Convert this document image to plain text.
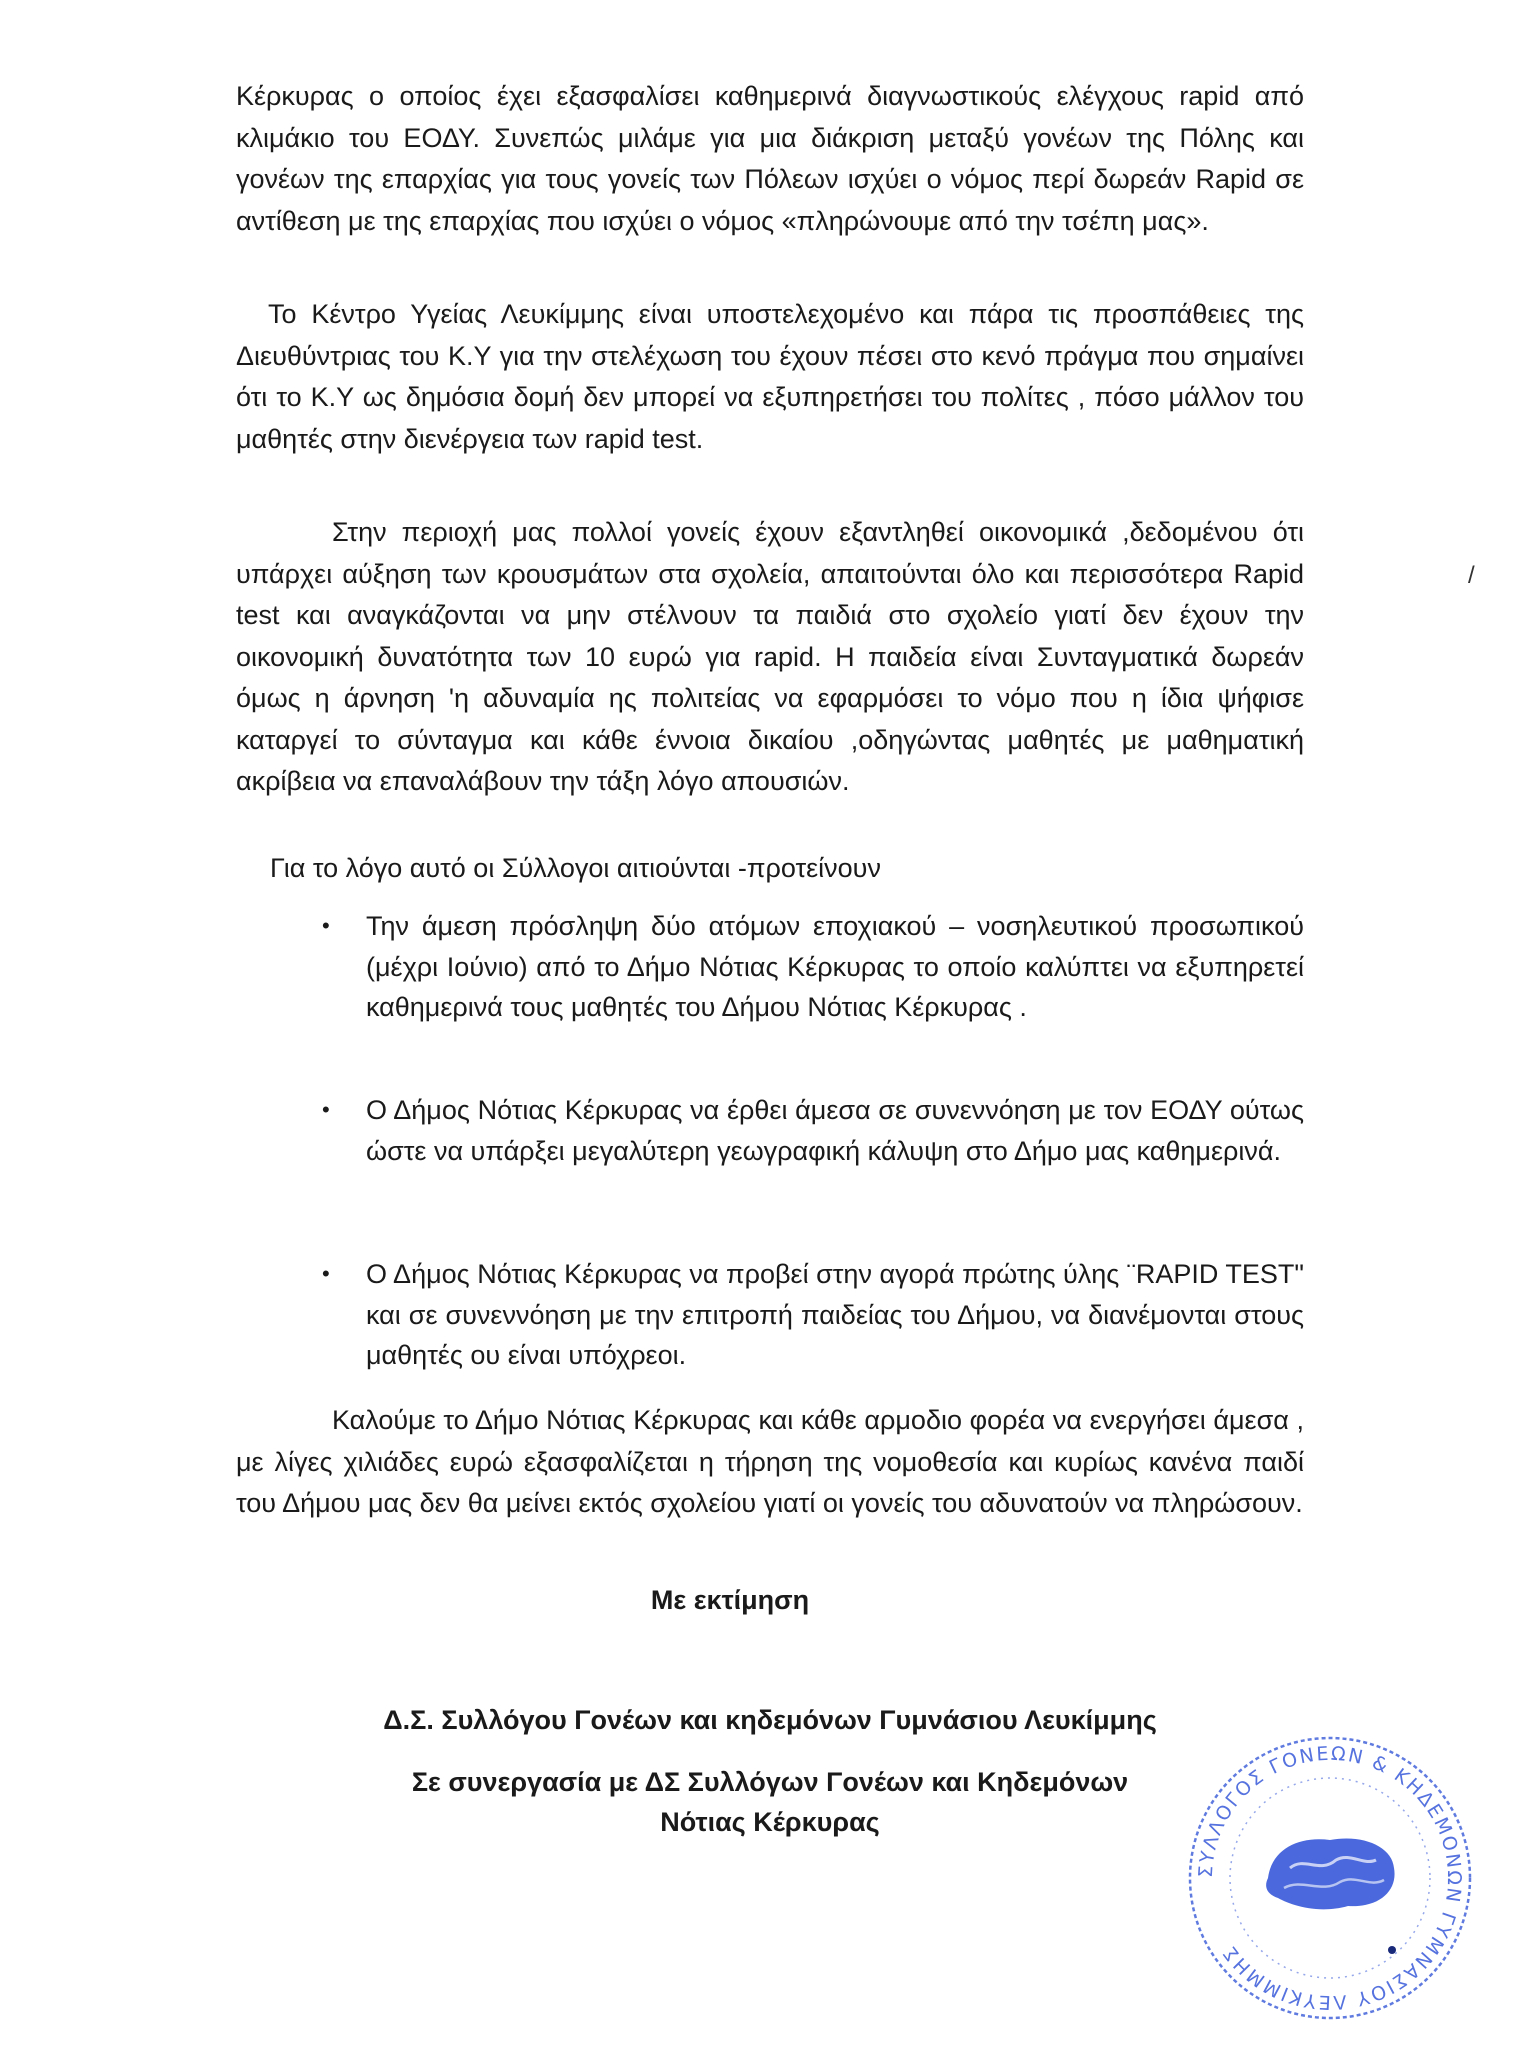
Κέρκυρας ο οποίος έχει εξασφαλίσει καθημερινά διαγνωστικούς ελέγχους rapid από κλιμάκιο του ΕΟΔΥ. Συνεπώς μιλάμε για μια διάκριση μεταξύ γονέων της Πόλης και γονέων της επαρχίας για τους γονείς των Πόλεων ισχύει ο νόμος περί δωρεάν Rapid σε αντίθεση με της επαρχίας που ισχύει ο νόμος «πληρώνουμε από την τσέπη μας».

Το Κέντρο Υγείας Λευκίμμης είναι υποστελεχομένο και πάρα τις προσπάθειες της Διευθύντριας του Κ.Υ για την στελέχωση του έχουν πέσει στο κενό πράγμα που σημαίνει ότι το Κ.Υ ως δημόσια δομή δεν μπορεί να εξυπηρετήσει του πολίτες , πόσο μάλλον του μαθητές στην διενέργεια των rapid test.

Στην περιοχή μας πολλοί γονείς έχουν εξαντληθεί οικονομικά ,δεδομένου ότι υπάρχει αύξηση των κρουσμάτων στα σχολεία, απαιτούνται όλο και περισσότερα Rapid test και αναγκάζονται να μην στέλνουν τα παιδιά στο σχολείο γιατί δεν έχουν την οικονομική δυνατότητα των 10 ευρώ για rapid. Η παιδεία είναι Συνταγματικά δωρεάν όμως η άρνηση 'η αδυναμία ης πολιτείας να εφαρμόσει το νόμο που η ίδια ψήφισε καταργεί το σύνταγμα και κάθε έννοια δικαίου ,οδηγώντας μαθητές με μαθηματική ακρίβεια να επαναλάβουν την τάξη λόγο απουσιών.

/

Για το λόγο αυτό οι Σύλλογοι αιτιούνται -προτείνουν

• Την άμεση πρόσληψη δύο ατόμων εποχιακού – νοσηλευτικού προσωπικού (μέχρι Ιούνιο) από το Δήμο Νότιας Κέρκυρας το οποίο καλύπτει να εξυπηρετεί καθημερινά τους μαθητές του Δήμου Νότιας Κέρκυρας .
• Ο Δήμος Νότιας Κέρκυρας να έρθει άμεσα σε συνεννόηση με τον ΕΟΔΥ ούτως ώστε να υπάρξει μεγαλύτερη γεωγραφική κάλυψη στο Δήμο μας καθημερινά.
• Ο Δήμος Νότιας Κέρκυρας να προβεί στην αγορά πρώτης ύλης ¨RAPID TEST" και σε συνεννόηση με την επιτροπή παιδείας του Δήμου, να διανέμονται στους μαθητές ου είναι υπόχρεοι.

Καλούμε το Δήμο Νότιας Κέρκυρας και κάθε αρμοδιο φορέα να ενεργήσει άμεσα , με λίγες χιλιάδες ευρώ εξασφαλίζεται η τήρηση της νομοθεσία και κυρίως κανένα παιδί του Δήμου μας δεν θα μείνει εκτός σχολείου γιατί οι γονείς του αδυνατούν να πληρώσουν.

Με εκτίμηση

Δ.Σ. Συλλόγου Γονέων και κηδεμόνων Γυμνάσιου Λευκίμμης

Σε συνεργασία με ΔΣ Συλλόγων Γονέων και Κηδεμόνων

Νότιας Κέρκυρας

ΣΥΛΛΟΓΟΣ ΓΟΝΕΩΝ & ΚΗΔΕΜΟΝΩΝ ΓΥΜΝΑΣΙΟΥ ΛΕΥΚΙΜΜΗΣ
